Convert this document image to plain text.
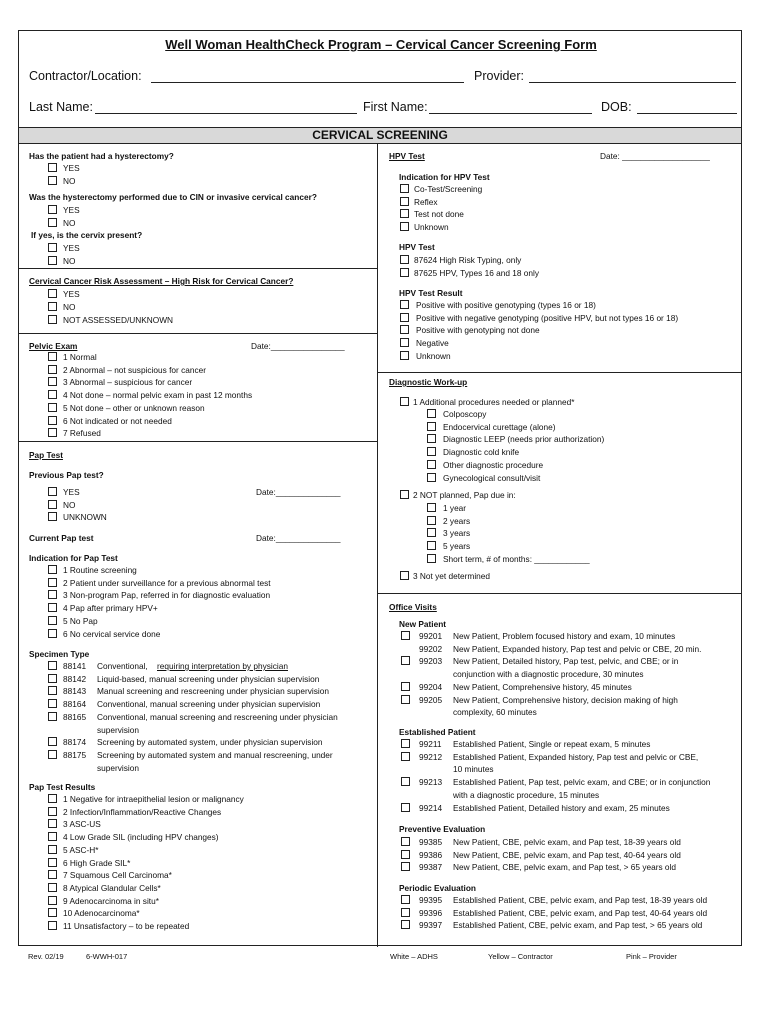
Well Woman HealthCheck Program – Cervical Cancer Screening Form
Contractor/Location:	Provider:
Last Name:	First Name:	DOB:
CERVICAL SCREENING
Has the patient had a hysterectomy?
YES
NO
Was the hysterectomy performed due to CIN or invasive cervical cancer?
YES
NO
If yes, is the cervix present?
YES
NO
Cervical Cancer Risk Assessment – High Risk for Cervical Cancer?
YES
NO
NOT ASSESSED/UNKNOWN
Pelvic Exam	Date:________________
1 Normal
2 Abnormal – not suspicious for cancer
3 Abnormal – suspicious for cancer
4 Not done – normal pelvic exam in past 12 months
5 Not done – other or unknown reason
6 Not indicated or not needed
7 Refused
Pap Test
Previous Pap test?
YES
NO
UNKNOWN
Date:______________
Current Pap test	Date:______________
Indication for Pap Test
1 Routine screening
2 Patient under surveillance for a previous abnormal test
3 Non-program Pap, referred in for diagnostic evaluation
4 Pap after primary HPV+
5 No Pap
6 No cervical service done
Specimen Type
88141 Conventional, requiring interpretation by physician
88142 Liquid-based, manual screening under physician supervision
88143 Manual screening and rescreening under physician supervision
88164 Conventional, manual screening under physician supervision
88165 Conventional, manual screening and rescreening under physician
supervision
88174 Screening by automated system, under physician supervision
88175 Screening by automated system and manual rescreening, under
supervision
Pap Test Results
1 Negative for intraepithelial lesion or malignancy
2 Infection/Inflammation/Reactive Changes
3 ASC-US
4 Low Grade SIL (including HPV changes)
5 ASC-H*
6 High Grade SIL*
7 Squamous Cell Carcinoma*
8 Atypical Glandular Cells*
9 Adenocarcinoma in situ*
10 Adenocarcinoma*
11 Unsatisfactory – to be repeated
HPV Test	Date: ___________________
Indication for HPV Test
Co-Test/Screening
Reflex
Test not done
Unknown
HPV Test
87624 High Risk Typing, only
87625 HPV, Types 16 and 18 only
HPV Test Result
Positive with positive genotyping (types 16 or 18)
Positive with negative genotyping (positive HPV, but not types 16 or 18)
Positive with genotyping not done
Negative
Unknown
Diagnostic Work-up
1 Additional procedures needed or planned*
Colposcopy
Endocervical curettage (alone)
Diagnostic LEEP (needs prior authorization)
Diagnostic cold knife
Other diagnostic procedure
Gynecological consult/visit
2 NOT planned, Pap due in:
1 year
2 years
3 years
5 years
Short term, # of months: ____________
3 Not yet determined
Office Visits
New Patient
99201 New Patient, Problem focused history and exam, 10 minutes
99202 New Patient, Expanded history, Pap test and pelvic or CBE, 20 min.
99203 New Patient, Detailed history, Pap test, pelvic, and CBE; or in
conjunction with a diagnostic procedure, 30 minutes
99204 New Patient, Comprehensive history, 45 minutes
99205 New Patient, Comprehensive history, decision making of high
complexity, 60 minutes
Established Patient
99211 Established Patient, Single or repeat exam, 5 minutes
99212 Established Patient, Expanded history, Pap test and pelvic or CBE,
10 minutes
99213 Established Patient, Pap test, pelvic exam, and CBE; or in conjunction
with a diagnostic procedure, 15 minutes
99214 Established Patient, Detailed history and exam, 25 minutes
Preventive Evaluation
99385 New Patient, CBE, pelvic exam, and Pap test, 18-39 years old
99386 New Patient, CBE, pelvic exam, and Pap test, 40-64 years old
99387 New Patient, CBE, pelvic exam, and Pap test, > 65 years old
Periodic Evaluation
99395 Established Patient, CBE, pelvic exam, and Pap test, 18-39 years old
99396 Established Patient, CBE, pelvic exam, and Pap test, 40-64 years old
99397 Established Patient, CBE, pelvic exam, and Pap test, > 65 years old
Rev. 02/19	6-WWH-017	White – ADHS	Yellow – Contractor	Pink – Provider
